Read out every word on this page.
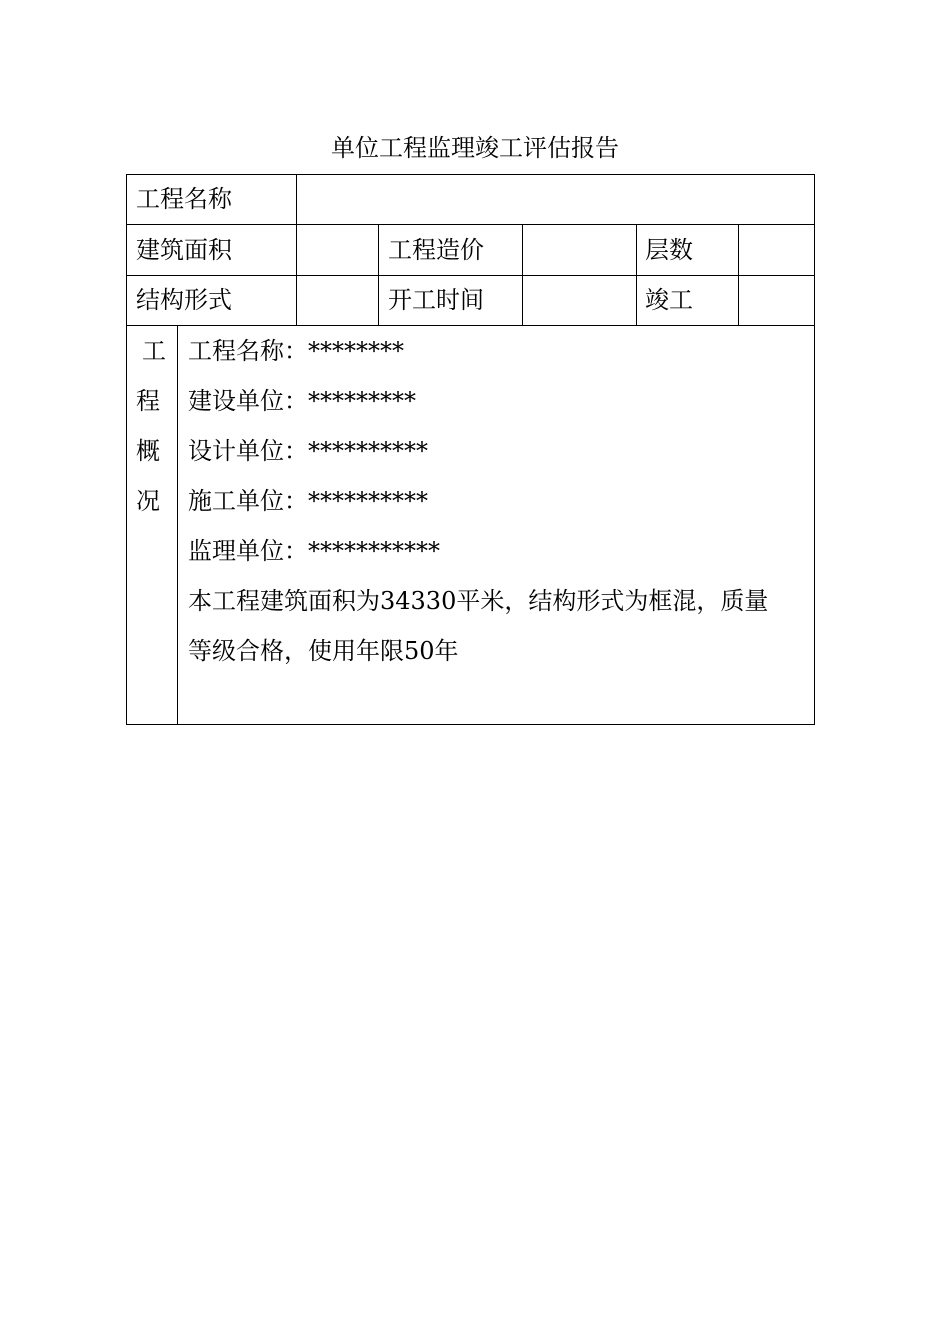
单位工程监理竣工评估报告
工程名称
建筑面积	工程造价	层数
结构形式	开工时间	竣工
工
程
概
况
工程名称：********
建设单位：*********
设计单位：**********
施工单位：**********
监理单位：***********
本工程建筑面积为34330平米，结构形式为框混，质量
等级合格，使用年限50年
